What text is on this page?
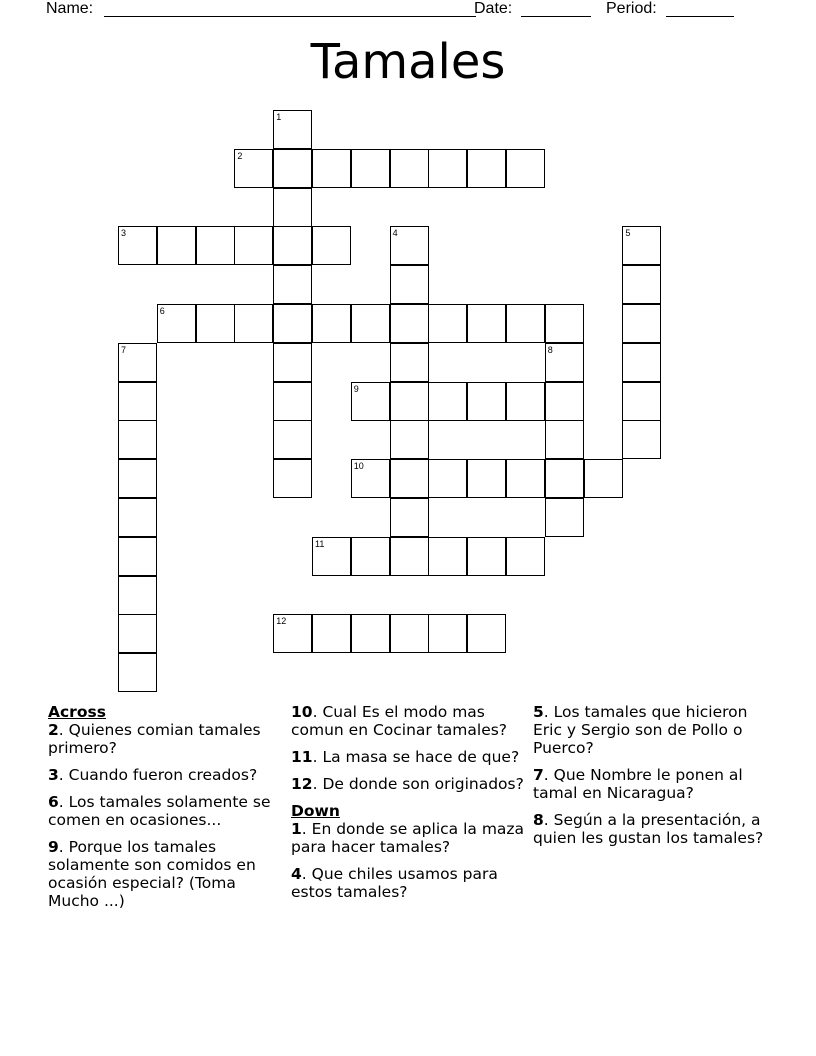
Name:	Date:	Period:
Tamales
1
2
3	4	5
6
7	8
9
10
11
12
Across
2. Quienes comian tamales primero?
3. Cuando fueron creados?
6. Los tamales solamente se comen en ocasiones...
9. Porque los tamales solamente son comidos en ocasión especial? (Toma Mucho ...)
10. Cual Es el modo mas comun en Cocinar tamales?
11. La masa se hace de que?
12. De donde son originados?
Down
1. En donde se aplica la maza para hacer tamales?
4. Que chiles usamos para estos tamales?
5. Los tamales que hicieron Eric y Sergio son de Pollo o Puerco?
7. Que Nombre le ponen al tamal en Nicaragua?
8. Según a la presentación, a quien les gustan los tamales?
